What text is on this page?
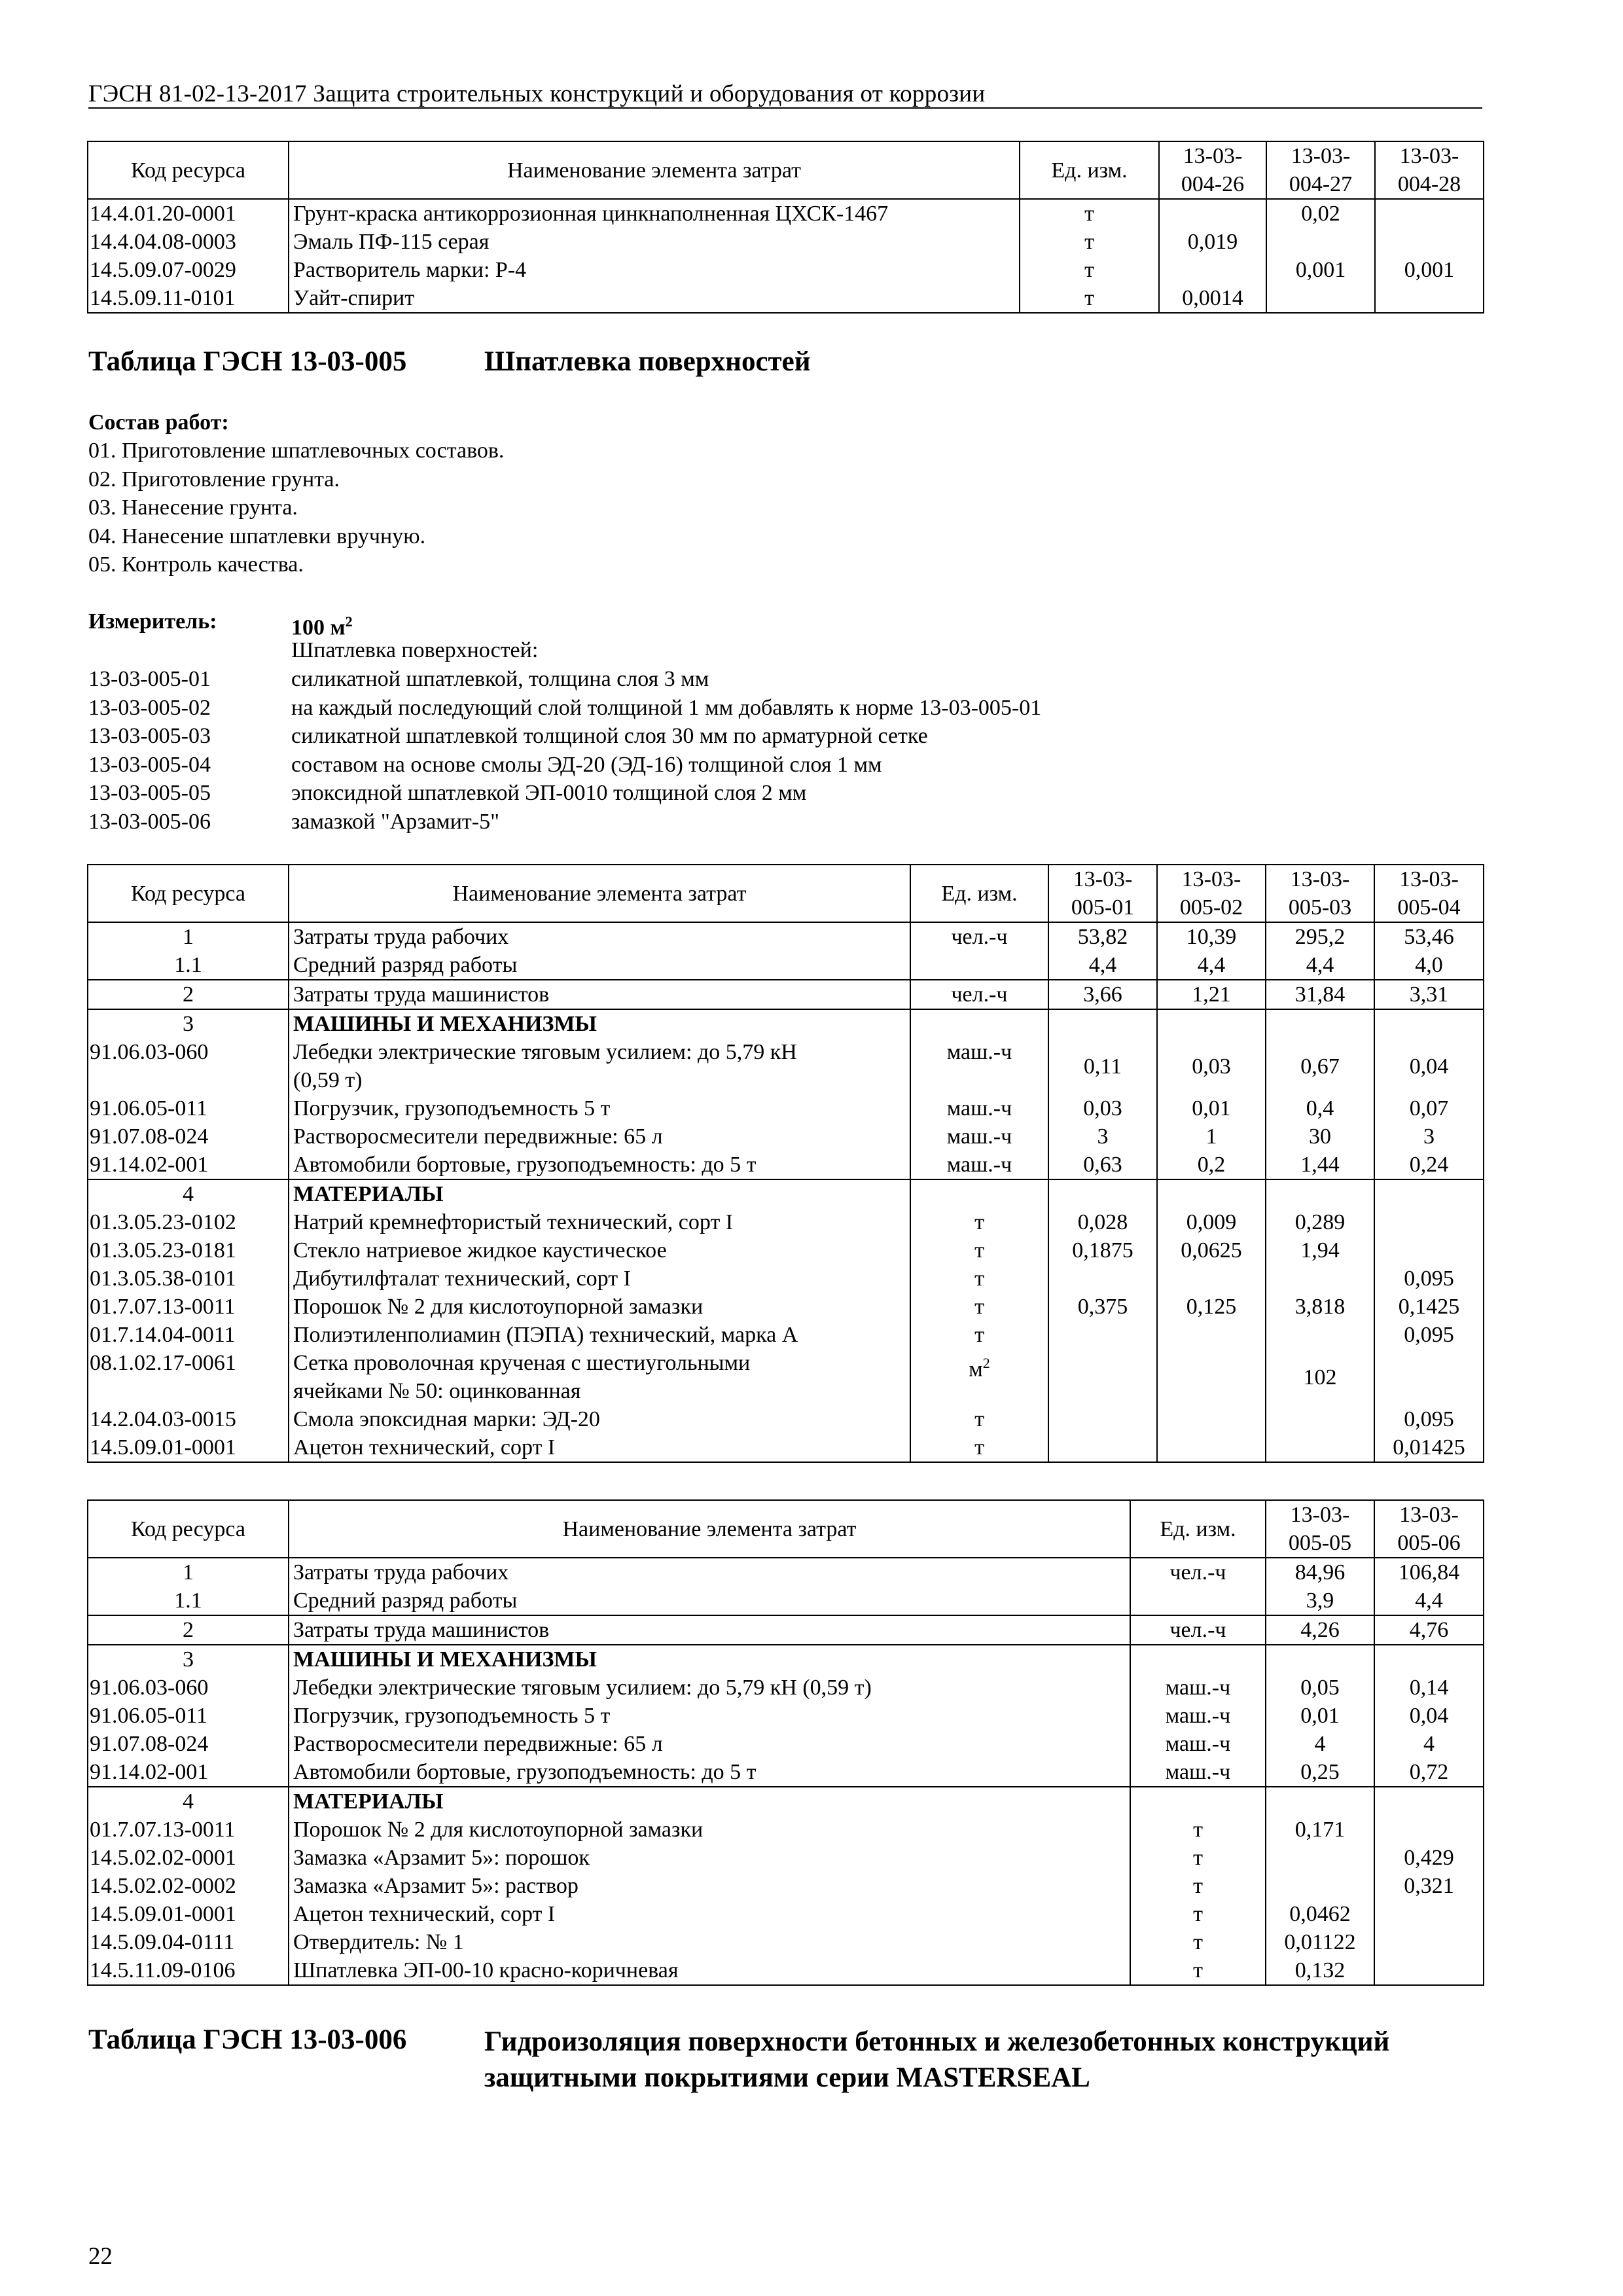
ГЭСН 81-02-13-2017 Защита строительных конструкций и оборудования от коррозии
Код ресурса	Наименование элемента затрат	Ед. изм.	13-03-
004-26	13-03-
004-27	13-03-
004-28
14.4.01.20-0001	Грунт-краска антикоррозионная цинкнаполненная ЦХСК-1467	т		0,02	
14.4.04.08-0003	Эмаль ПФ-115 серая	т	0,019		
14.5.09.07-0029	Растворитель марки: Р-4	т		0,001	0,001
14.5.09.11-0101	Уайт-спирит	т	0,0014		
Таблица ГЭСН 13-03-005	Шпатлевка поверхностей
Состав работ:
01. Приготовление шпатлевочных составов.
02. Приготовление грунта.
03. Нанесение грунта.
04. Нанесение шпатлевки вручную.
05. Контроль качества.
Измеритель:	100 $м^2$
Шпатлевка поверхностей:
13-03-005-01	силикатной шпатлевкой, толщина слоя 3 мм
13-03-005-02	на каждый последующий слой толщиной 1 мм добавлять к норме 13-03-005-01
13-03-005-03	силикатной шпатлевкой толщиной слоя 30 мм по арматурной сетке
13-03-005-04	составом на основе смолы ЭД-20 (ЭД-16) толщиной слоя 1 мм
13-03-005-05	эпоксидной шпатлевкой ЭП-0010 толщиной слоя 2 мм
13-03-005-06	замазкой "Арзамит-5"
Код ресурса	Наименование элемента затрат	Ед. изм.	13-03-
005-01	13-03-
005-02	13-03-
005-03	13-03-
005-04
1	Затраты труда рабочих	чел.-ч	53,82	10,39	295,2	53,46
1.1	Средний разряд работы		4,4	4,4	4,4	4,0
2	Затраты труда машинистов	чел.-ч	3,66	1,21	31,84	3,31
3	МАШИНЫ И МЕХАНИЗМЫ					
91.06.03-060	Лебедки электрические тяговым усилием: до 5,79 кН
(0,59 т)	маш.-ч	0,11	0,03	0,67	0,04
91.06.05-011	Погрузчик, грузоподъемность 5 т	маш.-ч	0,03	0,01	0,4	0,07
91.07.08-024	Растворосмесители передвижные: 65 л	маш.-ч	3	1	30	3
91.14.02-001	Автомобили бортовые, грузоподъемность: до 5 т	маш.-ч	0,63	0,2	1,44	0,24
4	МАТЕРИАЛЫ					
01.3.05.23-0102	Натрий кремнефтористый технический, сорт I	т	0,028	0,009	0,289	
01.3.05.23-0181	Стекло натриевое жидкое каустическое	т	0,1875	0,0625	1,94	
01.3.05.38-0101	Дибутилфталат технический, сорт I	т				0,095
01.7.07.13-0011	Порошок № 2 для кислотоупорной замазки	т	0,375	0,125	3,818	0,1425
01.7.14.04-0011	Полиэтиленполиамин (ПЭПА) технический, марка А	т				0,095
08.1.02.17-0061	Сетка проволочная крученая с шестиугольными
ячейками № 50: оцинкованная	$м^2$			102	
14.2.04.03-0015	Смола эпоксидная марки: ЭД-20	т				0,095
14.5.09.01-0001	Ацетон технический, сорт I	т				0,01425
Код ресурса	Наименование элемента затрат	Ед. изм.	13-03-
005-05	13-03-
005-06
1	Затраты труда рабочих	чел.-ч	84,96	106,84
1.1	Средний разряд работы		3,9	4,4
2	Затраты труда машинистов	чел.-ч	4,26	4,76
3	МАШИНЫ И МЕХАНИЗМЫ			
91.06.03-060	Лебедки электрические тяговым усилием: до 5,79 кН (0,59 т)	маш.-ч	0,05	0,14
91.06.05-011	Погрузчик, грузоподъемность 5 т	маш.-ч	0,01	0,04
91.07.08-024	Растворосмесители передвижные: 65 л	маш.-ч	4	4
91.14.02-001	Автомобили бортовые, грузоподъемность: до 5 т	маш.-ч	0,25	0,72
4	МАТЕРИАЛЫ			
01.7.07.13-0011	Порошок № 2 для кислотоупорной замазки	т	0,171	
14.5.02.02-0001	Замазка «Арзамит 5»: порошок	т		0,429
14.5.02.02-0002	Замазка «Арзамит 5»: раствор	т		0,321
14.5.09.01-0001	Ацетон технический, сорт I	т	0,0462	
14.5.09.04-0111	Отвердитель: № 1	т	0,01122	
14.5.11.09-0106	Шпатлевка ЭП-00-10 красно-коричневая	т	0,132	
Таблица ГЭСН 13-03-006	Гидроизоляция поверхности бетонных и железобетонных конструкций
защитными покрытиями серии MASTERSEAL
22
